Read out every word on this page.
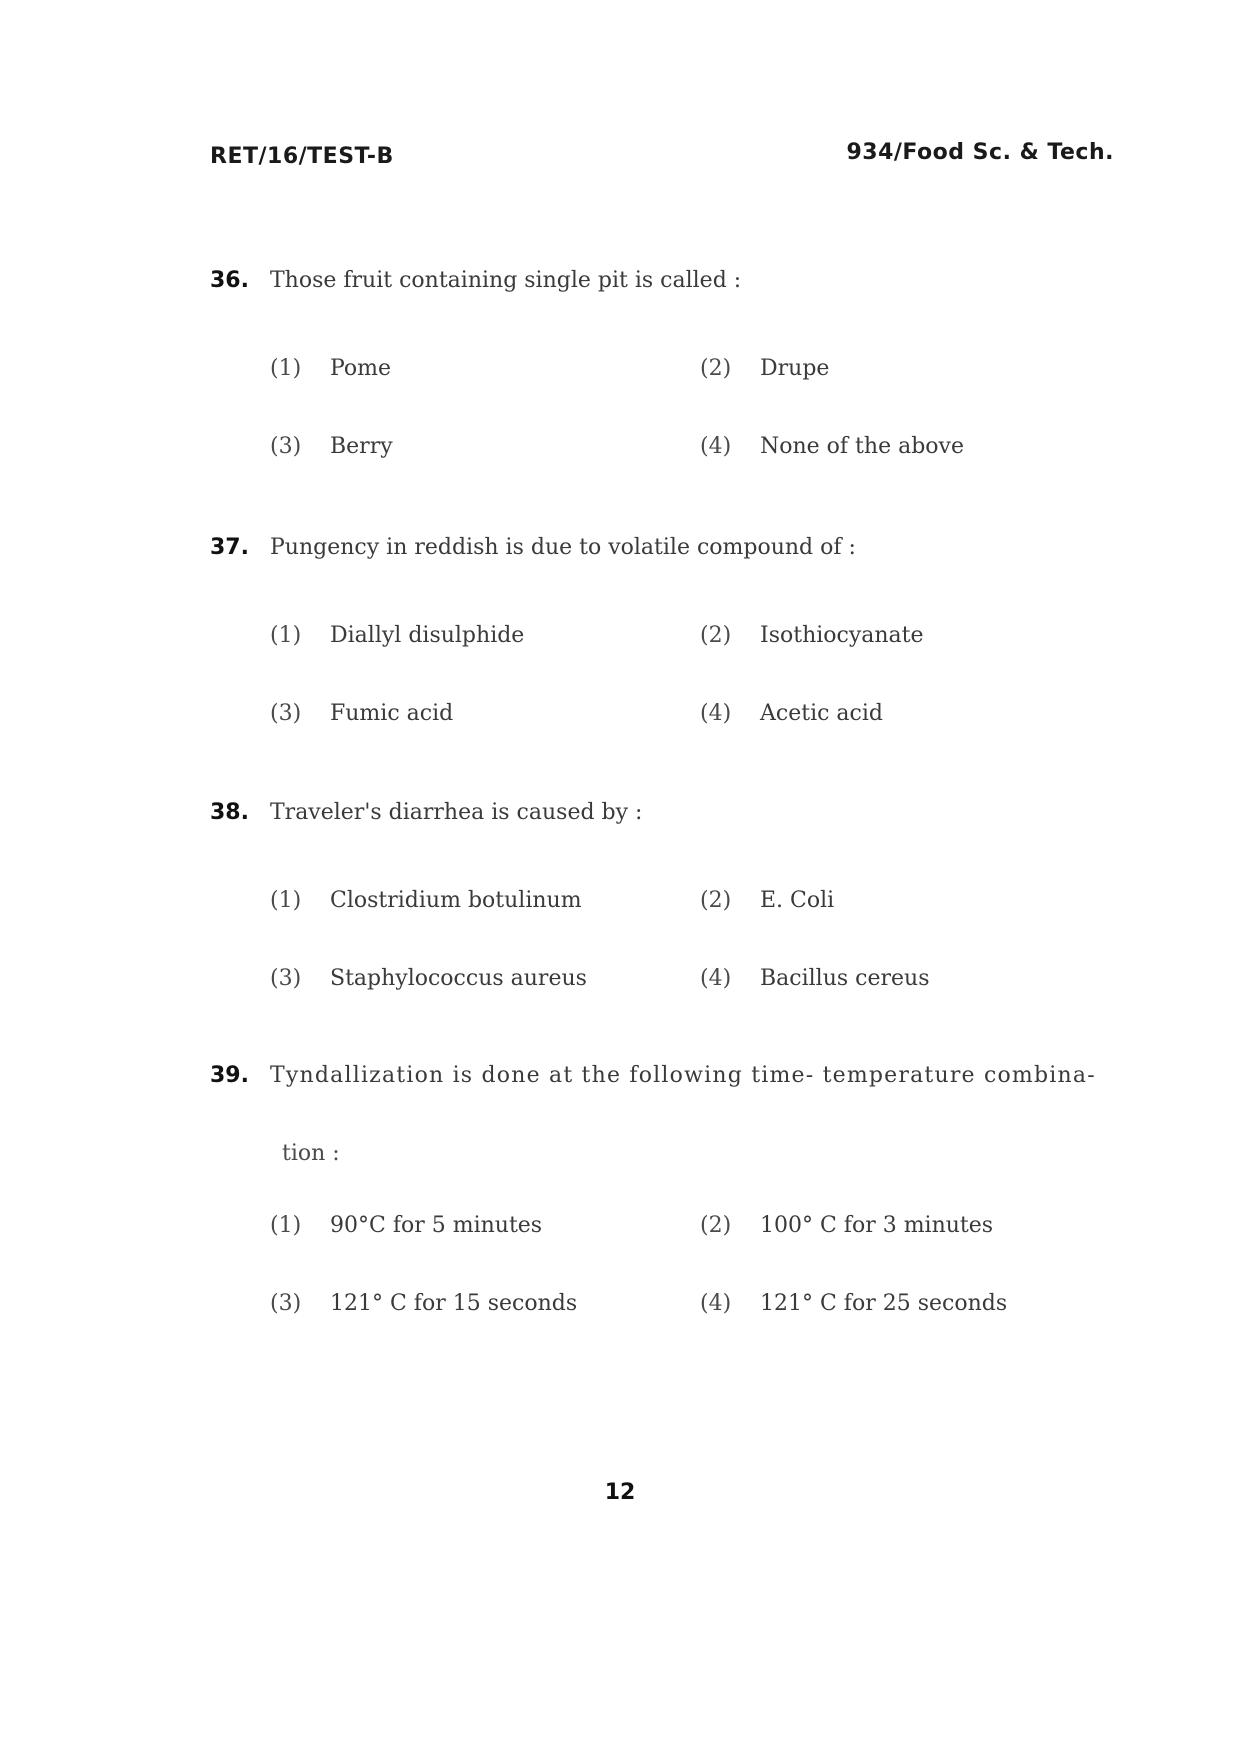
RET/16/TEST-B	934/Food Sc. & Tech.
36. Those fruit containing single pit is called :
(1)	Pome	(2)	Drupe
(3)	Berry	(4)	None of the above
37. Pungency in reddish is due to volatile compound of :
(1)	Diallyl disulphide	(2)	Isothiocyanate
(3)	Fumic acid	(4)	Acetic acid
38. Traveler's diarrhea is caused by :
(1)	Clostridium botulinum	(2)	E. Coli
(3)	Staphylococcus aureus	(4)	Bacillus cereus
39. Tyndallization is done at the following time- temperature combina-
tion :
(1)	90°C for 5 minutes	(2)	100° C for 3 minutes
(3)	121° C for 15 seconds	(4)	121° C for 25 seconds
12
